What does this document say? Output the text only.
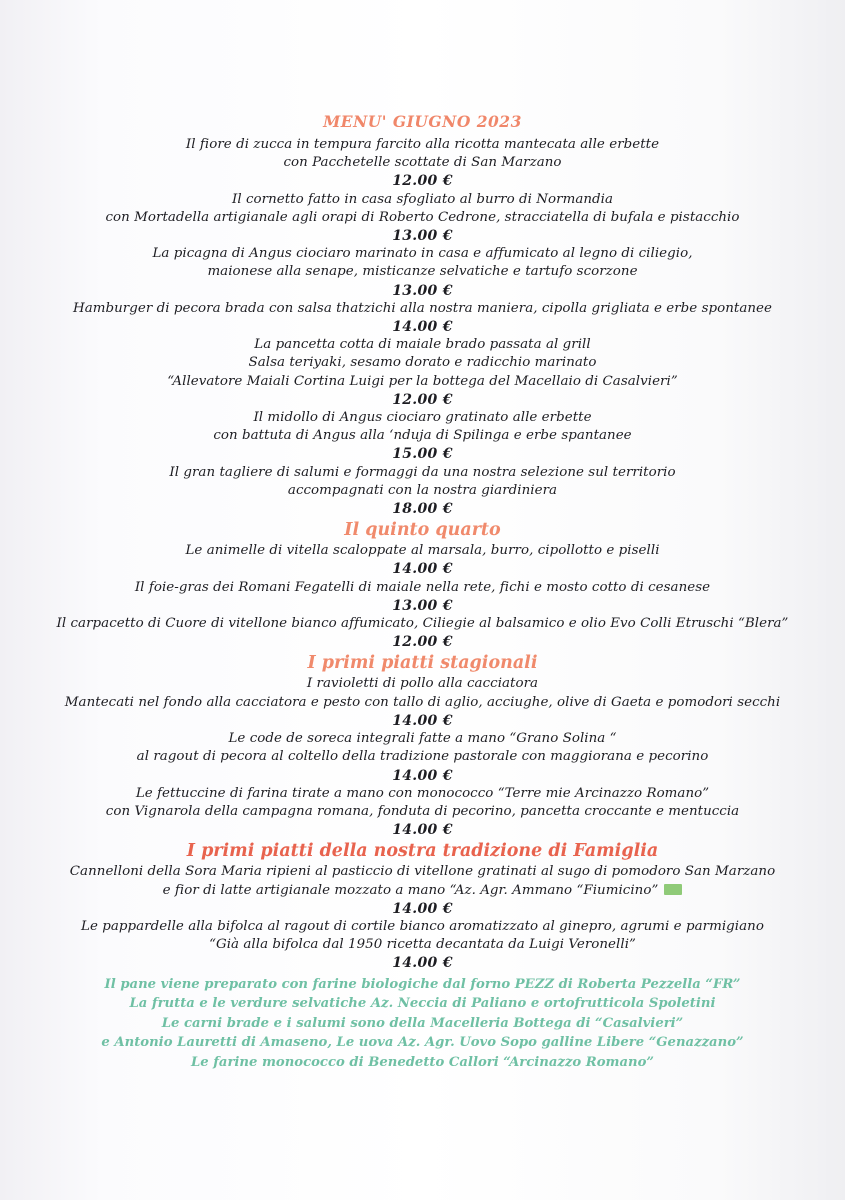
MENU' GIUGNO 2023
Il fiore di zucca in tempura farcito alla ricotta mantecata alle erbette
con Pacchetelle scottate di San Marzano
12.00 €
Il cornetto fatto in casa sfogliato al burro di Normandia
con Mortadella artigianale agli orapi di Roberto Cedrone, stracciatella di bufala e pistacchio
13.00 €
La picagna di Angus ciociaro marinato in casa e affumicato al legno di ciliegio,
maionese alla senape, misticanze selvatiche e tartufo scorzone
13.00 €
Hamburger di pecora brada con salsa thatzichi alla nostra maniera, cipolla grigliata e erbe spontanee
14.00 €
La pancetta cotta di maiale brado passata al grill
Salsa teriyaki, sesamo dorato e radicchio marinato
“Allevatore Maiali Cortina Luigi per la bottega del Macellaio di Casalvieri”
12.00 €
Il midollo di Angus ciociaro gratinato alle erbette
con battuta di Angus alla ‘nduja di Spilinga e erbe spantanee
15.00 €
Il gran tagliere di salumi e formaggi da una nostra selezione sul territorio
accompagnati con la nostra giardiniera
18.00 €
Il quinto quarto
Le animelle di vitella scaloppate al marsala, burro, cipollotto e piselli
14.00 €
Il foie-gras dei Romani Fegatelli di maiale nella rete, fichi e mosto cotto di cesanese
13.00 €
Il carpacetto di Cuore di vitellone bianco affumicato, Ciliegie al balsamico e olio Evo Colli Etruschi “Blera”
12.00 €
I primi piatti stagionali
I ravioletti di pollo alla cacciatora
Mantecati nel fondo alla cacciatora e pesto con tallo di aglio, acciughe, olive di Gaeta e pomodori secchi
14.00 €
Le code de soreca integrali fatte a mano “Grano Solina “
al ragout di pecora al coltello della tradizione pastorale con maggiorana e pecorino
14.00 €
Le fettuccine di farina tirate a mano con monococco “Terre mie Arcinazzo Romano”
con Vignarola della campagna romana, fonduta di pecorino, pancetta croccante e mentuccia
14.00 €
I primi piatti della nostra tradizione di Famiglia
Cannelloni della Sora Maria ripieni al pasticcio di vitellone gratinati al sugo di pomodoro San Marzano
e fior di latte artigianale mozzato a mano “Az. Agr. Ammano “Fiumicino”
14.00 €
Le pappardelle alla bifolca al ragout di cortile bianco aromatizzato al ginepro, agrumi e parmigiano
“Già alla bifolca dal 1950 ricetta decantata da Luigi Veronelli”
14.00 €
Il pane viene preparato con farine biologiche dal forno PEZZ di Roberta Pezzella “FR”
La frutta e le verdure selvatiche Az. Neccia di Paliano e ortofrutticola Spoletini
Le carni brade e i salumi sono della Macelleria Bottega di “Casalvieri”
e Antonio Lauretti di Amaseno, Le uova Az. Agr. Uovo Sopo galline Libere “Genazzano”
Le farine monococco di Benedetto Callori “Arcinazzo Romano”
